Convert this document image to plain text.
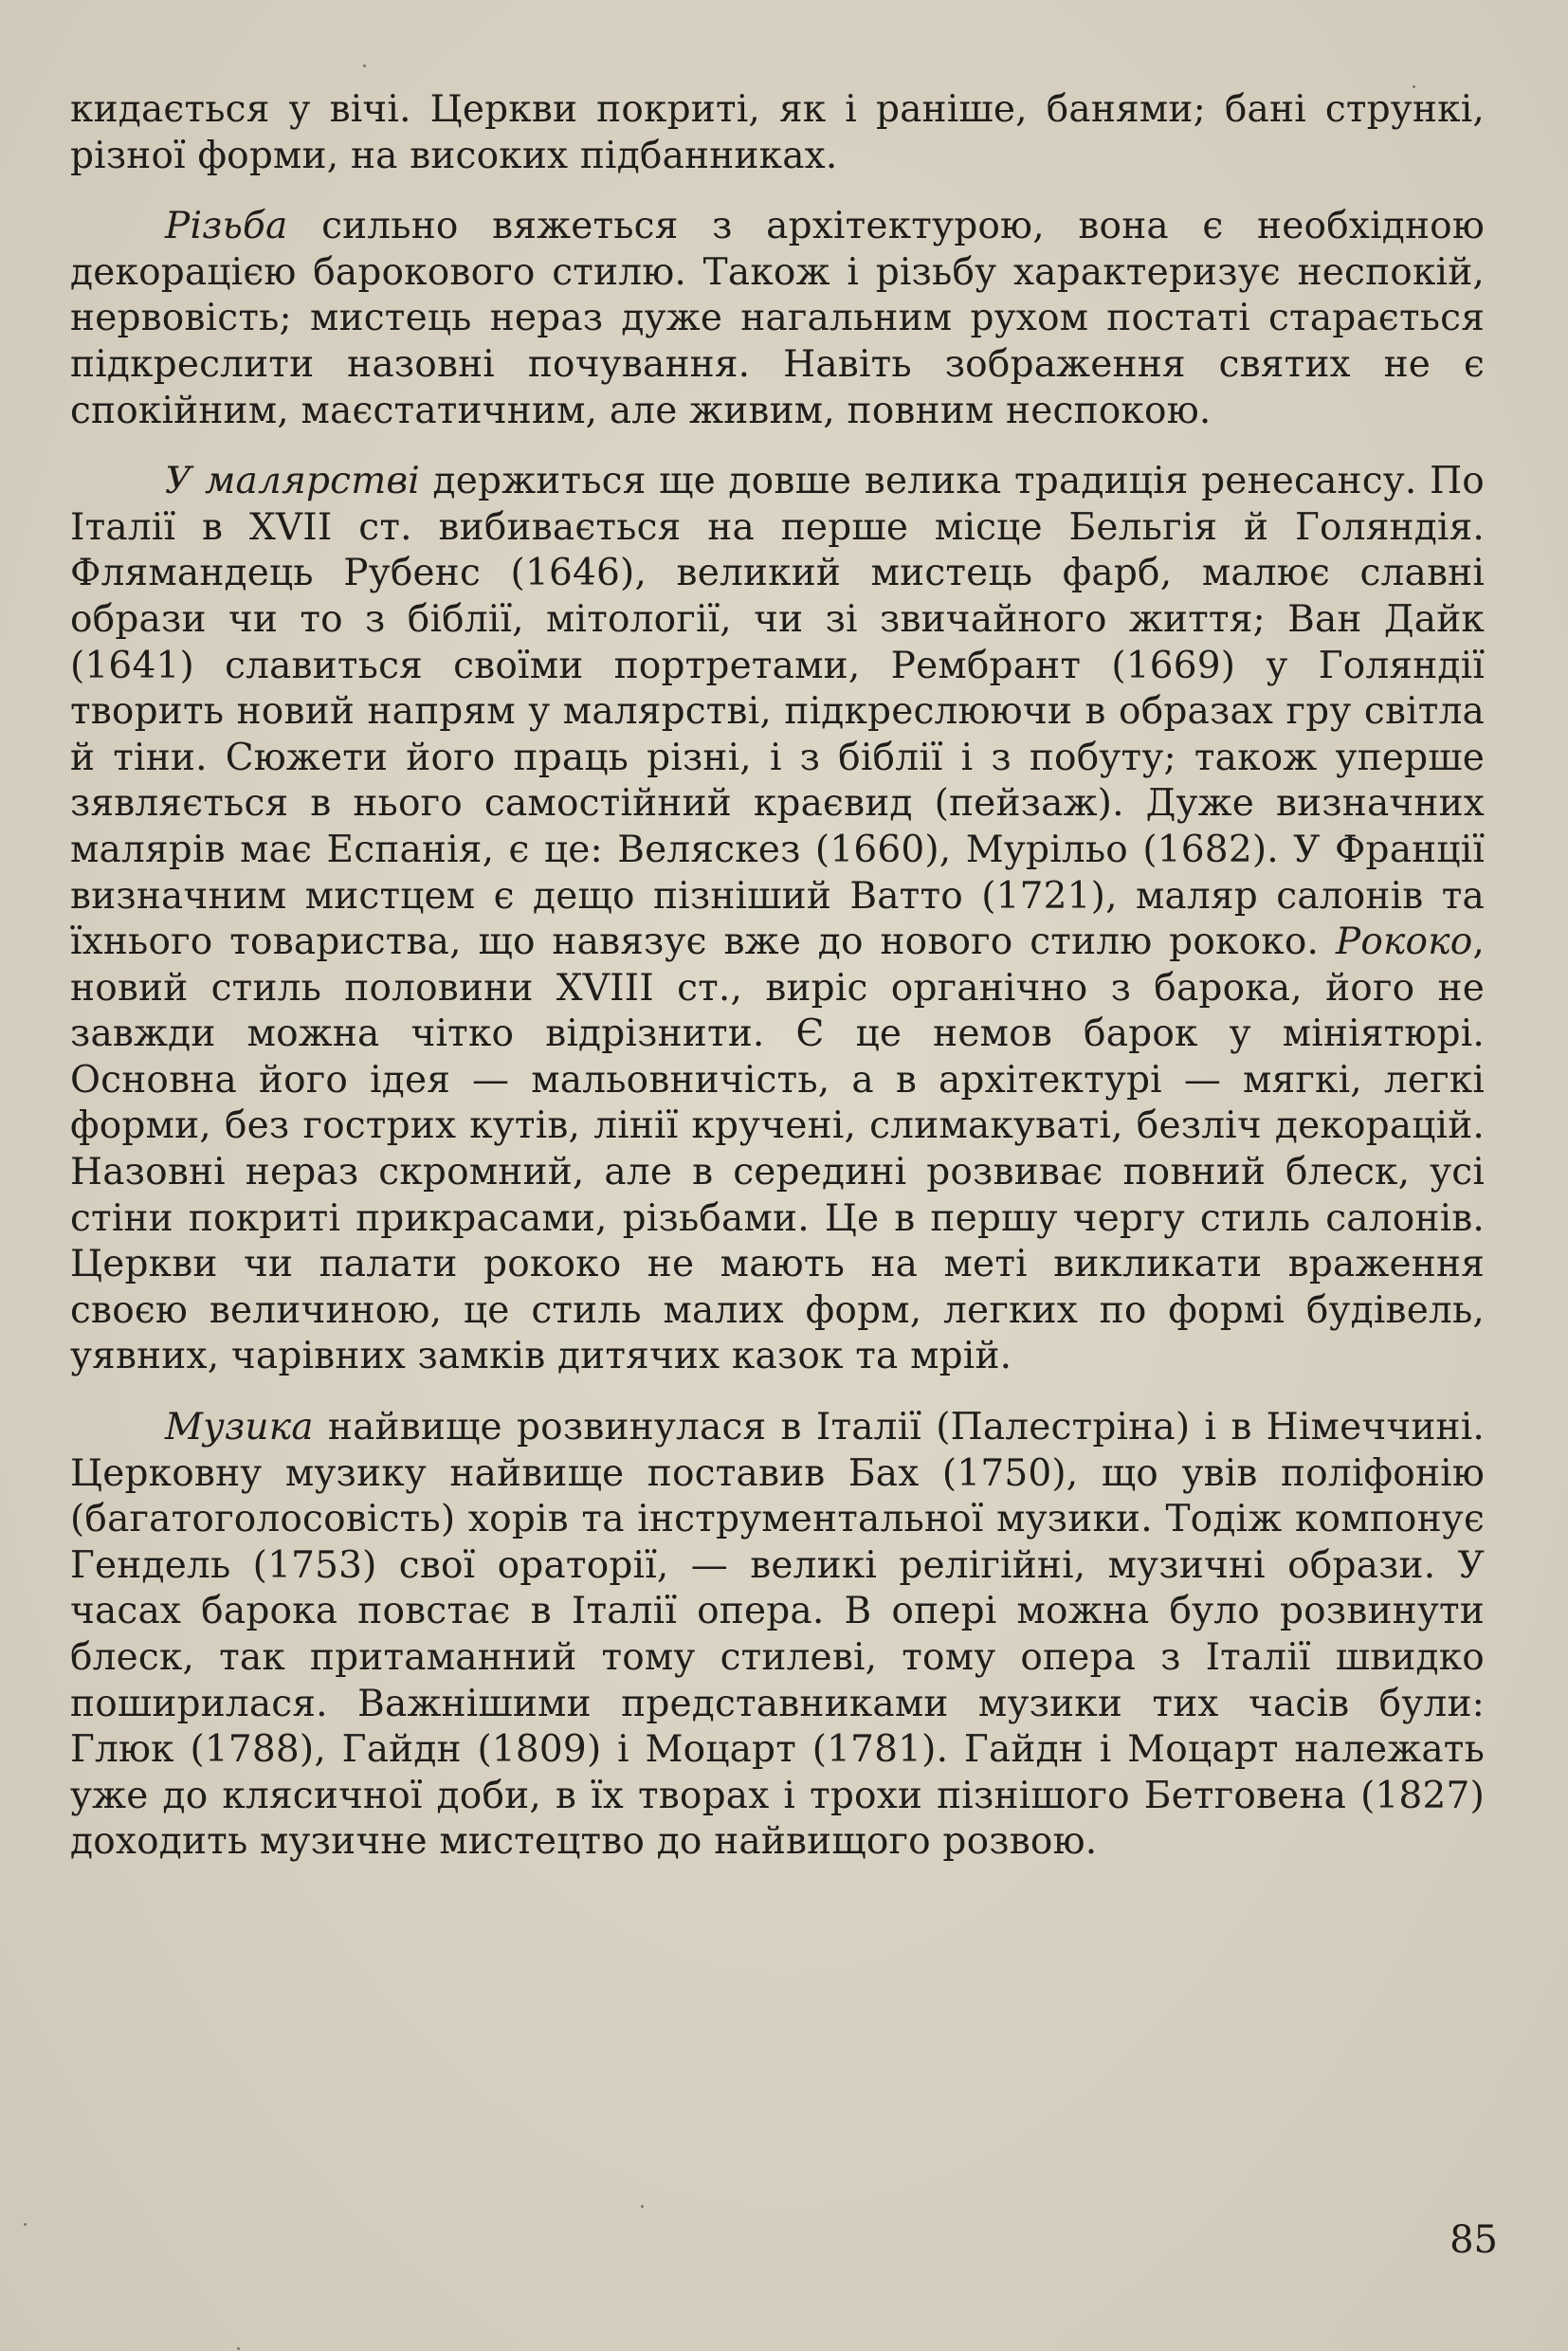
кидається у вічі. Церкви покриті, як і раніше, банями; бані стрункі, різної форми, на високих підбанниках.

Різьба сильно вяжеться з архітектурою, вона є необхідною декорацією барокового стилю. Також і різьбу характеризує неспокій, нервовість; мистець нераз дуже нагальним рухом постаті старається підкреслити назовні почування. Навіть зображення святих не є спокійним, маєстатичним, але живим, повним неспокою.

У малярстві держиться ще довше велика традиція ренесансу. По Італії в XVII ст. вибивається на перше місце Бельгія й Голяндія. Флямандець Рубенс (1646), великий мистець фарб, малює славні образи чи то з біблії, мітології, чи зі звичайного життя; Ван Дайк (1641) славиться своїми портретами, Рембрант (1669) у Голяндії творить новий напрям у малярстві, підкреслюючи в образах гру світла й тіни. Сюжети його праць різні, і з біблії і з побуту; також уперше зявляється в нього самостійний краєвид (пейзаж). Дуже визначних малярів має Еспанія, є це: Веляскез (1660), Мурільо (1682). У Франції визначним мистцем є дещо пізніший Ватто (1721), маляр салонів та їхнього товариства, що навязує вже до нового стилю рококо. Рококо, новий стиль половини XVIII ст., виріс органічно з барока, його не завжди можна чітко відрізнити. Є це немов барок у мініятюрі. Основна його ідея — мальовничість, а в архітектурі — мягкі, легкі форми, без гострих кутів, лінії кручені, слимакуваті, безліч декорацій. Назовні нераз скромний, але в середині розвиває повний блеск, усі стіни покриті прикрасами, різьбами. Це в першу чергу стиль салонів. Церкви чи палати рококо не мають на меті викликати враження своєю величиною, це стиль малих форм, легких по формі будівель, уявних, чарівних замків дитячих казок та мрій.

Музика найвище розвинулася в Італії (Палестріна) і в Німеччині. Церковну музику найвище поставив Бах (1750), що увів поліфонію (багатоголосовість) хорів та інструментальної музики. Тодіж компонує Гендель (1753) свої ораторії, — великі релігійні, музичні образи. У часах барока повстає в Італії опера. В опері можна було розвинути блеск, так притаманний тому стилеві, тому опера з Італії швидко поширилася. Важнішими представниками музики тих часів були: Глюк (1788), Гайдн (1809) і Моцарт (1781). Гайдн і Моцарт належать уже до клясичної доби, в їх творах і трохи пізнішого Бетговена (1827) доходить музичне мистецтво до найвищого розвою.

85
